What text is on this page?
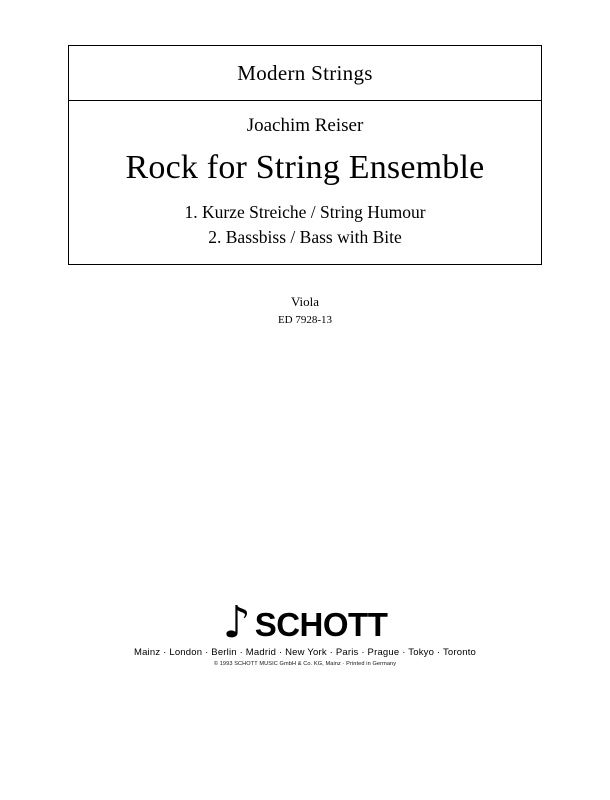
Modern Strings
Joachim Reiser
Rock for String Ensemble
1. Kurze Streiche / String Humour
2. Bassbiss / Bass with Bite
Viola
ED 7928-13
♪ SCHOTT
Mainz · London · Berlin · Madrid · New York · Paris · Prague · Tokyo · Toronto
© 1993 SCHOTT MUSIC GmbH & Co. KG, Mainz · Printed in Germany
